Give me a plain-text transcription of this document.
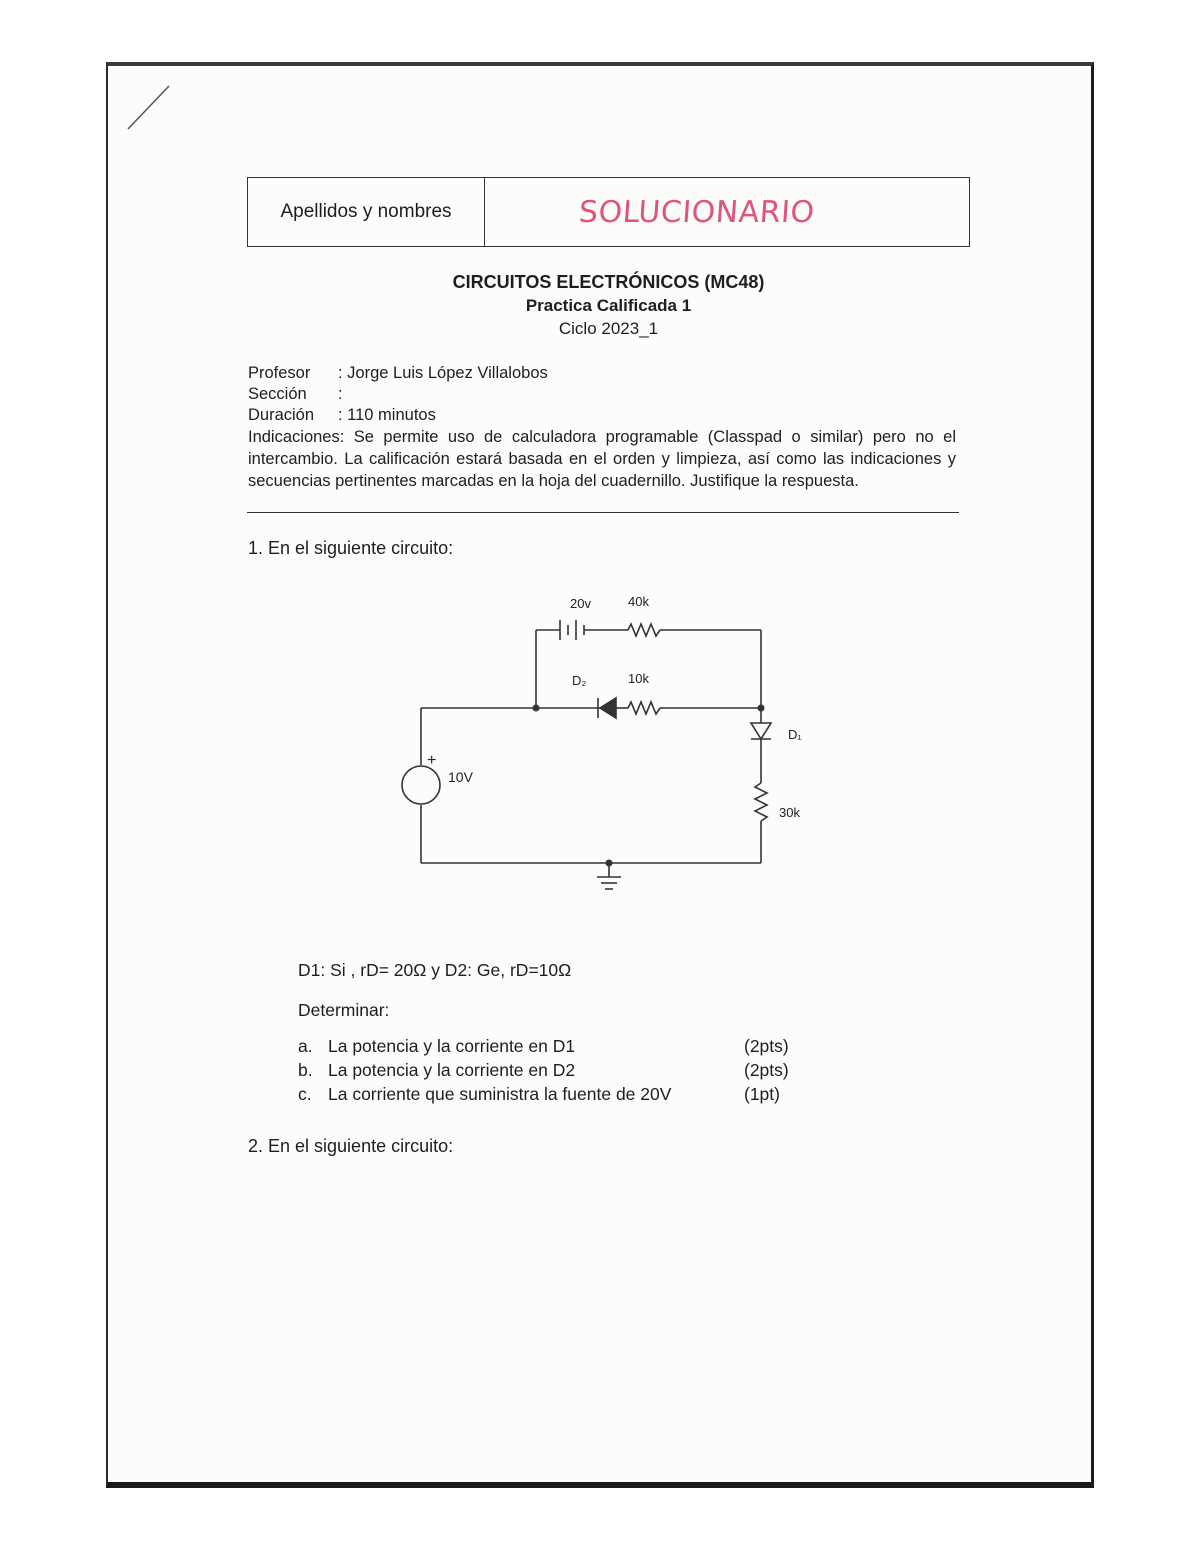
Apellidos y nombres	SOLUCIONARIO
CIRCUITOS ELECTRÓNICOS (MC48)
Practica Calificada 1
Ciclo 2023_1
Profesor : Jorge Luis López Villalobos
Sección :
Duración : 110 minutos
Indicaciones: Se permite uso de calculadora programable (Classpad o similar) pero no el intercambio. La calificación estará basada en el orden y limpieza, así como las indicaciones y secuencias pertinentes marcadas en la hoja del cuadernillo. Justifique la respuesta.
1. En el siguiente circuito:
20v	40k
D₂	10k
D₁
10V
30k
+
D1: Si , rD= 20Ω y D2: Ge, rD=10Ω
Determinar:
a. La potencia y la corriente en D1	(2pts)
b. La potencia y la corriente en D2	(2pts)
c. La corriente que suministra la fuente de 20V	(1pt)
2. En el siguiente circuito:
